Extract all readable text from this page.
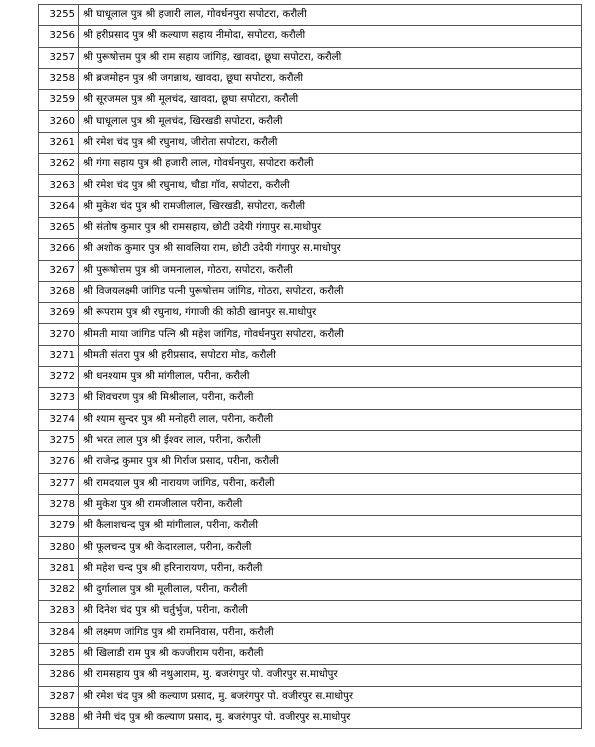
3255	श्री घाधूलाल पुत्र श्री हजारी लाल, गोवर्धनपुरा सपोटरा, करौली
3256	श्री हरीप्रसाद पुत्र श्री कल्याण सहाय नीमोदा, सपोटरा, करौली
3257	श्री पुरूषोत्तम पुत्र श्री राम सहाय जांगिड़, खावदा, छूघा सपोटरा, करौली
3258	श्री ब्रजमोहन पुत्र श्री जगन्नाथ, खावदा, छूघा सपोटरा, करौली
3259	श्री सूरजमल पुत्र श्री मूलचंद, खावदा, छूघा सपोटरा, करौली
3260	श्री घाधूलाल पुत्र श्री मूलचंद, खिरखडी सपोटरा, करौली
3261	श्री रमेश चंद पुत्र श्री रघुनाथ, जीरोता सपोटरा, करौली
3262	श्री गंगा सहाय पुत्र श्री हजारी लाल, गोवर्धनपुरा, सपोटरा करौली
3263	श्री रमेश चंद पुत्र श्री रघुनाथ, चौडा गॉव, सपोटरा, करौली
3264	श्री मुकेश चंद पुत्र श्री रामजीलाल, खिरखडी, सपोटरा, करौली
3265	श्री संतोष कुमार पुत्र श्री रामसहाय, छोटी उदेयी गंगापुर स.माधोपुर
3266	श्री अशोक कुमार पुत्र श्री सावलिया राम, छोटी उदेयी गंगापुर स.माधोपुर
3267	श्री पुरूषोत्तम पुत्र श्री जमनालाल, गोठरा, सपोटरा, करौली
3268	श्री विजयलक्ष्मी जांगिड पत्नी पुरूषोत्तम जांगिड, गोठरा, सपोटरा, करौली
3269	श्री रूपराम पुत्र श्री रघुनाथ, गंगाजी की कोठी खानपुर स.माधोपुर
3270	श्रीमती माया जांगिड पत्नि श्री महेश जांगिड, गोवर्धनपुरा सपोटरा, करौली
3271	श्रीमती संतरा पुत्र श्री हरीप्रसाद, सपोटरा मोड, करौली
3272	श्री धनश्याम पुत्र श्री मांगीलाल, परीना, करौली
3273	श्री शिवचरण पुत्र श्री मिश्रीलाल, परीना, करौली
3274	श्री श्याम सुन्दर पुत्र श्री मनोहरी लाल, परीना, करौली
3275	श्री भरत लाल पुत्र श्री ईश्वर लाल, परीना, करौली
3276	श्री राजेन्द्र कुमार पुत्र श्री गिर्राज प्रसाद, परीना, करौली
3277	श्री रामदयाल पुत्र श्री नारायण जांगिड, परीना, करौली
3278	श्री मुकेश पुत्र श्री रामजीलाल परीना, करौली
3279	श्री कैलाशचन्द पुत्र श्री मांगीलाल, परीना, करौली
3280	श्री फूलचन्द पुत्र श्री केदारलाल, परीना, करौली
3281	श्री महेश चन्द पुत्र श्री हरिनारायण, परीना, करौली
3282	श्री दुर्गालाल पुत्र श्री मूलीलाल, परीना, करौली
3283	श्री दिनेश चंद पुत्र श्री चर्तुर्भुज, परीना, करौली
3284	श्री लक्ष्मण जांगिड पुत्र श्री रामनिवास, परीना, करौली
3285	श्री खिलाडी राम पुत्र श्री कज्जीराम परीना, करौली
3286	श्री रामसहाय पुत्र श्री नथुआराम, मु. बजरंगपुर पो. वजीरपुर स.माधोपुर
3287	श्री रमेश चंद पुत्र श्री कल्याण प्रसाद, मु. बजरंगपुर पो. वजीरपुर स.माधोपुर
3288	श्री नेमी चंद पुत्र श्री कल्याण प्रसाद, मु. बजरंगपुर पो. वजीरपुर स.माधोपुर
